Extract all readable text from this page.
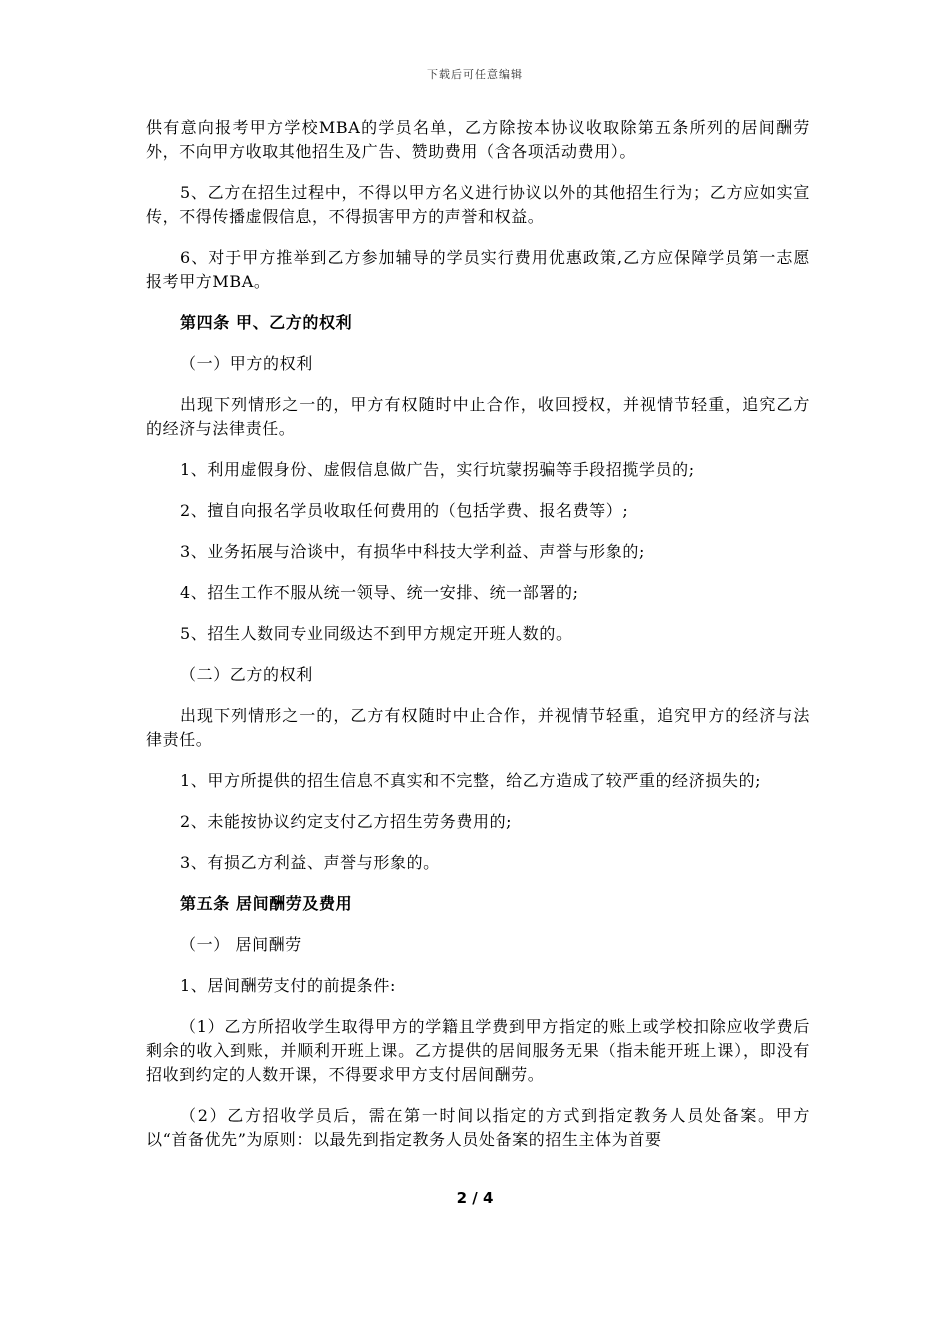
下载后可任意编辑

供有意向报考甲方学校MBA的学员名单，乙方除按本协议收取除第五条所列的居间酬劳外，不向甲方收取其他招生及广告、赞助费用（含各项活动费用）。

5、乙方在招生过程中，不得以甲方名义进行协议以外的其他招生行为；乙方应如实宣传，不得传播虚假信息，不得损害甲方的声誉和权益。

6、对于甲方推举到乙方参加辅导的学员实行费用优惠政策,乙方应保障学员第一志愿报考甲方MBA。

第四条 甲、乙方的权利

（一）甲方的权利

出现下列情形之一的，甲方有权随时中止合作，收回授权，并视情节轻重，追究乙方的经济与法律责任。

1、利用虚假身份、虚假信息做广告，实行坑蒙拐骗等手段招揽学员的;

2、擅自向报名学员收取任何费用的（包括学费、报名费等）;

3、业务拓展与洽谈中，有损华中科技大学利益、声誉与形象的;

4、招生工作不服从统一领导、统一安排、统一部署的;

5、招生人数同专业同级达不到甲方规定开班人数的。

（二）乙方的权利

出现下列情形之一的，乙方有权随时中止合作，并视情节轻重，追究甲方的经济与法律责任。

1、甲方所提供的招生信息不真实和不完整，给乙方造成了较严重的经济损失的;

2、未能按协议约定支付乙方招生劳务费用的;

3、有损乙方利益、声誉与形象的。

第五条 居间酬劳及费用

（一） 居间酬劳

1、居间酬劳支付的前提条件:

（1）乙方所招收学生取得甲方的学籍且学费到甲方指定的账上或学校扣除应收学费后剩余的收入到账，并顺利开班上课。乙方提供的居间服务无果（指未能开班上课），即没有招收到约定的人数开课，不得要求甲方支付居间酬劳。

（2）乙方招收学员后，需在第一时间以指定的方式到指定教务人员处备案。甲方以“首备优先”为原则：以最先到指定教务人员处备案的招生主体为首要

2 / 4
